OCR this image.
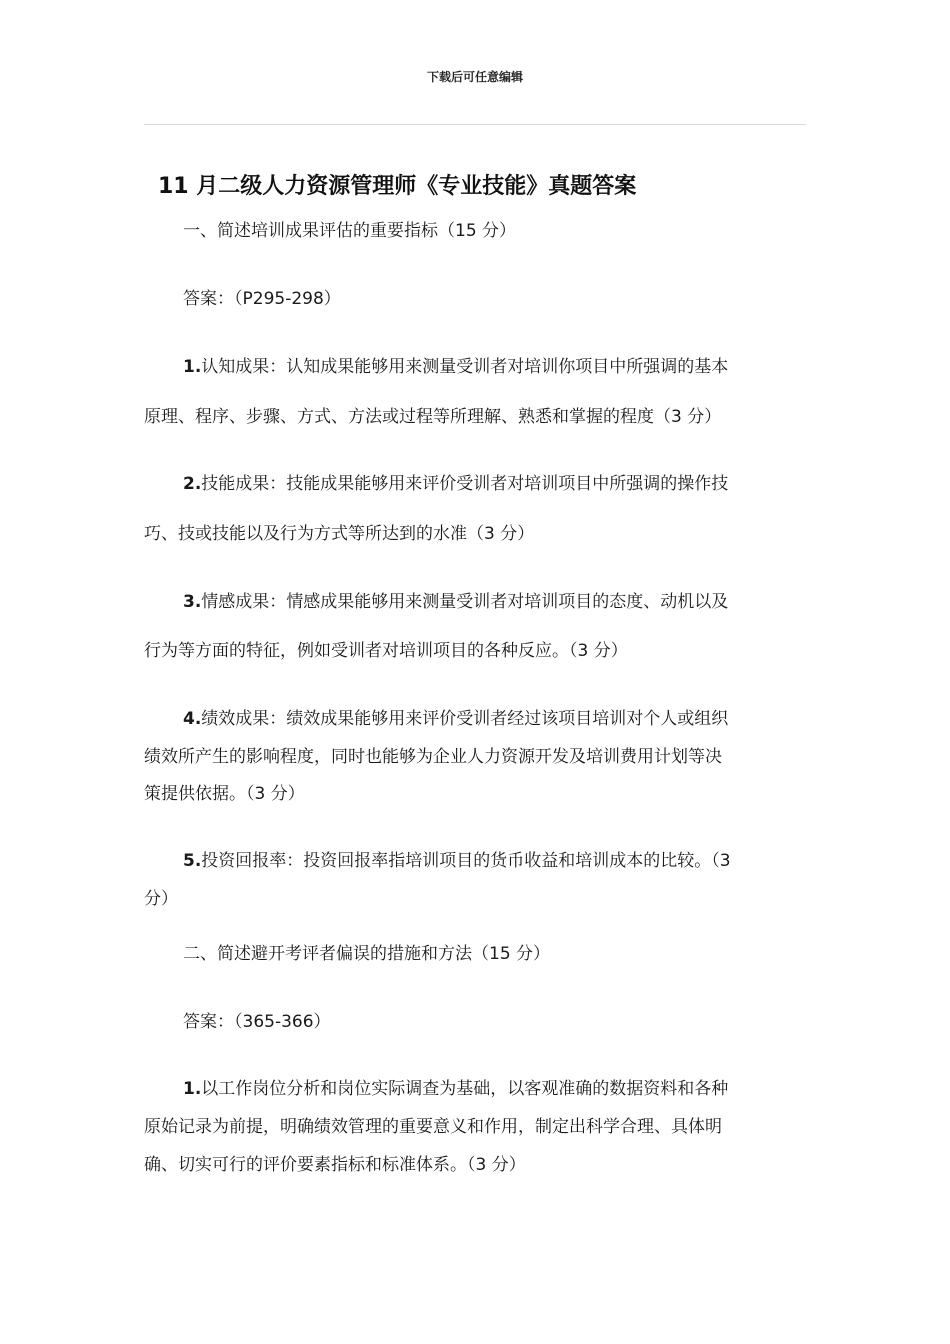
下载后可任意编辑
11 月二级人力资源管理师《专业技能》真题答案
一、简述培训成果评估的重要指标（15 分）
答案：（P295-298）
1.认知成果：认知成果能够用来测量受训者对培训你项目中所强调的基本
原理、程序、步骤、方式、方法或过程等所理解、熟悉和掌握的程度（3 分）
2.技能成果：技能成果能够用来评价受训者对培训项目中所强调的操作技
巧、技或技能以及行为方式等所达到的水准（3 分）
3.情感成果：情感成果能够用来测量受训者对培训项目的态度、动机以及
行为等方面的特征，例如受训者对培训项目的各种反应。（3 分）
4.绩效成果：绩效成果能够用来评价受训者经过该项目培训对个人或组织
绩效所产生的影响程度，同时也能够为企业人力资源开发及培训费用计划等决
策提供依据。（3 分）
5.投资回报率：投资回报率指培训项目的货币收益和培训成本的比较。（3
分）
二、简述避开考评者偏误的措施和方法（15 分）
答案：（365-366）
1.以工作岗位分析和岗位实际调查为基础，以客观准确的数据资料和各种
原始记录为前提，明确绩效管理的重要意义和作用，制定出科学合理、具体明
确、切实可行的评价要素指标和标准体系。（3 分）
